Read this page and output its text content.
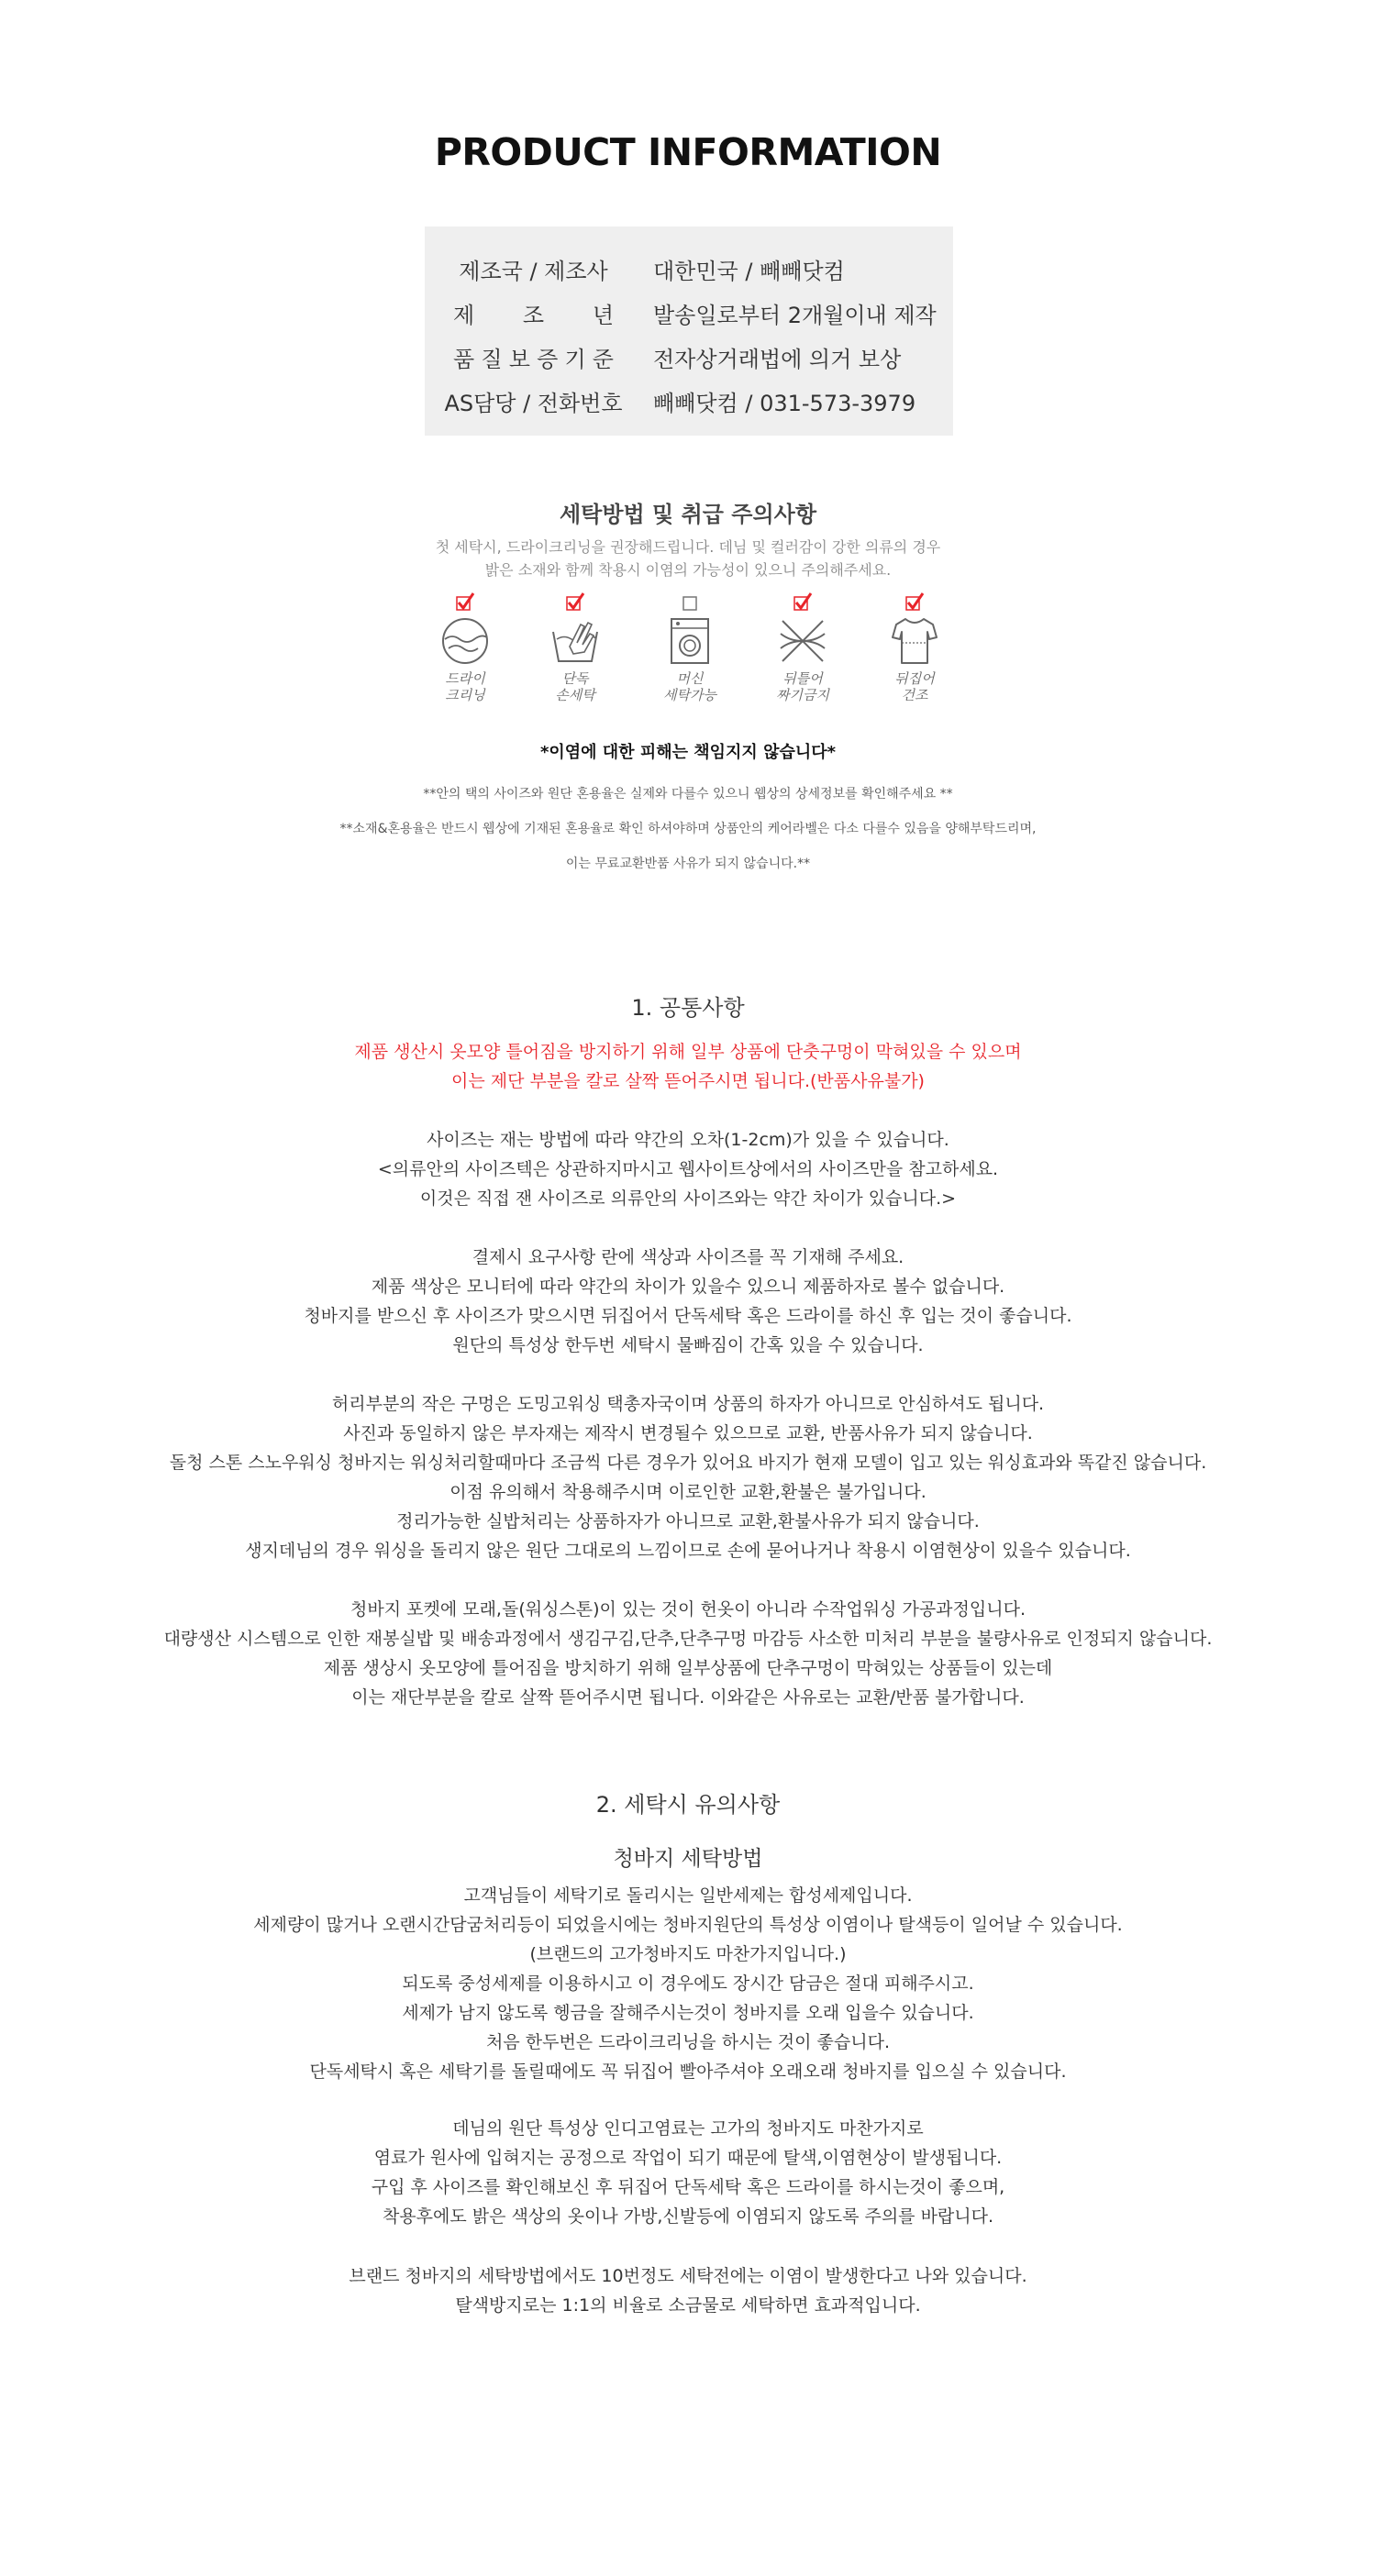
PRODUCT INFORMATION
제조국 / 제조사	대한민국 / 빼빼닷컴
제 조 년	발송일로부터 2개월이내 제작
품 질 보 증 기 준	전자상거래법에 의거 보상
AS담당 / 전화번호	빼빼닷컴 / 031-573-3979
세탁방법 및 취급 주의사항
첫 세탁시, 드라이크리닝을 권장해드립니다. 데님 및 컬러감이 강한 의류의 경우
밝은 소재와 함께 착용시 이염의 가능성이 있으니 주의해주세요.
드라이
크리닝
단독
손세탁
머신
세탁가능
뒤틀어
짜기금지
뒤집어
건조
*이염에 대한 피해는 책임지지 않습니다*
**안의 택의 사이즈와 원단 혼용율은 실제와 다를수 있으니 웹상의 상세정보를 확인해주세요 **
**소재&혼용율은 반드시 웹상에 기재된 혼용율로 확인 하셔야하며 상품안의 케어라벨은 다소 다를수 있음을 양해부탁드리며,
이는 무료교환반품 사유가 되지 않습니다.**
1. 공통사항
제품 생산시 옷모양 틀어짐을 방지하기 위해 일부 상품에 단춧구멍이 막혀있을 수 있으며
이는 제단 부분을 칼로 살짝 뜯어주시면 됩니다.(반품사유불가)
사이즈는 재는 방법에 따라 약간의 오차(1-2cm)가 있을 수 있습니다.
<의류안의 사이즈텍은 상관하지마시고 웹사이트상에서의 사이즈만을 참고하세요.
이것은 직접 잰 사이즈로 의류안의 사이즈와는 약간 차이가 있습니다.>
결제시 요구사항 란에 색상과 사이즈를 꼭 기재해 주세요.
제품 색상은 모니터에 따라 약간의 차이가 있을수 있으니 제품하자로 볼수 없습니다.
청바지를 받으신 후 사이즈가 맞으시면 뒤집어서 단독세탁 혹은 드라이를 하신 후 입는 것이 좋습니다.
원단의 특성상 한두번 세탁시 물빠짐이 간혹 있을 수 있습니다.
허리부분의 작은 구멍은 도밍고워싱 택총자국이며 상품의 하자가 아니므로 안심하셔도 됩니다.
사진과 동일하지 않은 부자재는 제작시 변경될수 있으므로 교환, 반품사유가 되지 않습니다.
돌청 스톤 스노우워싱 청바지는 워싱처리할때마다 조금씩 다른 경우가 있어요 바지가 현재 모델이 입고 있는 워싱효과와 똑같진 않습니다.
이점 유의해서 착용해주시며 이로인한 교환,환불은 불가입니다.
정리가능한 실밥처리는 상품하자가 아니므로 교환,환불사유가 되지 않습니다.
생지데님의 경우 워싱을 돌리지 않은 원단 그대로의 느낌이므로 손에 묻어나거나 착용시 이염현상이 있을수 있습니다.
청바지 포켓에 모래,돌(워싱스톤)이 있는 것이 헌옷이 아니라 수작업워싱 가공과정입니다.
대량생산 시스템으로 인한 재봉실밥 및 배송과정에서 생김구김,단추,단추구멍 마감등 사소한 미처리 부분을 불량사유로 인정되지 않습니다.
제품 생상시 옷모양에 틀어짐을 방치하기 위해 일부상품에 단추구멍이 막혀있는 상품들이 있는데
이는 재단부분을 칼로 살짝 뜯어주시면 됩니다. 이와같은 사유로는 교환/반품 불가합니다.
2. 세탁시 유의사항
청바지 세탁방법
고객님들이 세탁기로 돌리시는 일반세제는 합성세제입니다.
세제량이 많거나 오랜시간담굼처리등이 되었을시에는 청바지원단의 특성상 이염이나 탈색등이 일어날 수 있습니다.
(브랜드의 고가청바지도 마찬가지입니다.)
되도록 중성세제를 이용하시고 이 경우에도 장시간 담금은 절대 피해주시고.
세제가 남지 않도록 헹금을 잘해주시는것이 청바지를 오래 입을수 있습니다.
처음 한두번은 드라이크리닝을 하시는 것이 좋습니다.
단독세탁시 혹은 세탁기를 돌릴때에도 꼭 뒤집어 빨아주셔야 오래오래 청바지를 입으실 수 있습니다.
데님의 원단 특성상 인디고염료는 고가의 청바지도 마찬가지로
염료가 원사에 입혀지는 공정으로 작업이 되기 때문에 탈색,이염현상이 발생됩니다.
구입 후 사이즈를 확인해보신 후 뒤집어 단독세탁 혹은 드라이를 하시는것이 좋으며,
착용후에도 밝은 색상의 옷이나 가방,신발등에 이염되지 않도록 주의를 바랍니다.
브랜드 청바지의 세탁방법에서도 10번정도 세탁전에는 이염이 발생한다고 나와 있습니다.
탈색방지로는 1:1의 비율로 소금물로 세탁하면 효과적입니다.
